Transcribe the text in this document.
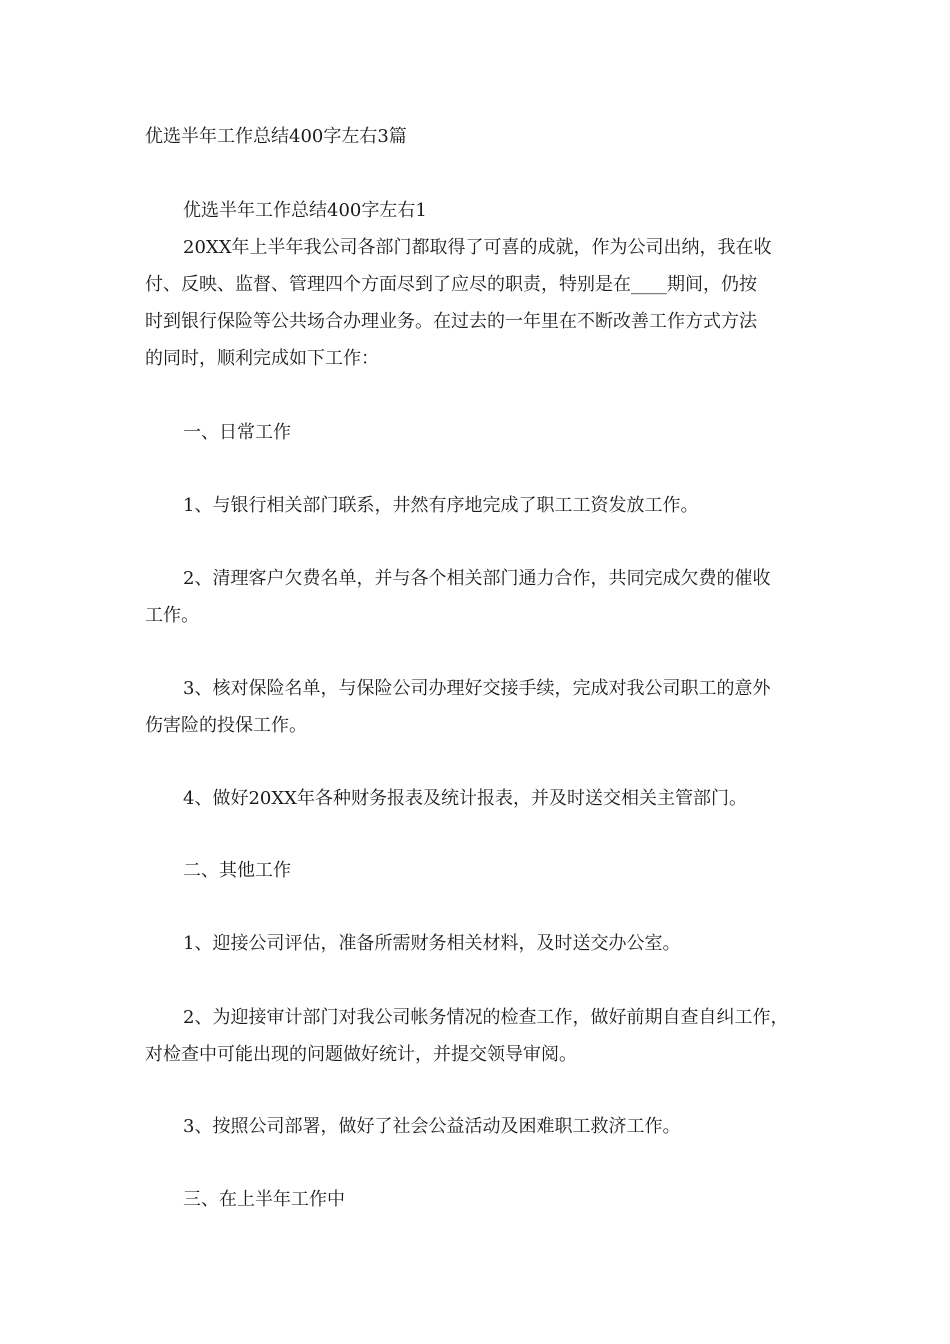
优选半年工作总结400字左右3篇
优选半年工作总结400字左右1
20XX年上半年我公司各部门都取得了可喜的成就，作为公司出纳，我在收
付、反映、监督、管理四个方面尽到了应尽的职责，特别是在____期间，仍按
时到银行保险等公共场合办理业务。在过去的一年里在不断改善工作方式方法
的同时，顺利完成如下工作：
一、日常工作
1、与银行相关部门联系，井然有序地完成了职工工资发放工作。
2、清理客户欠费名单，并与各个相关部门通力合作，共同完成欠费的催收
工作。
3、核对保险名单，与保险公司办理好交接手续，完成对我公司职工的意外
伤害险的投保工作。
4、做好20XX年各种财务报表及统计报表，并及时送交相关主管部门。
二、其他工作
1、迎接公司评估，准备所需财务相关材料，及时送交办公室。
2、为迎接审计部门对我公司帐务情况的检查工作，做好前期自查自纠工作，
对检查中可能出现的问题做好统计，并提交领导审阅。
3、按照公司部署，做好了社会公益活动及困难职工救济工作。
三、在上半年工作中
